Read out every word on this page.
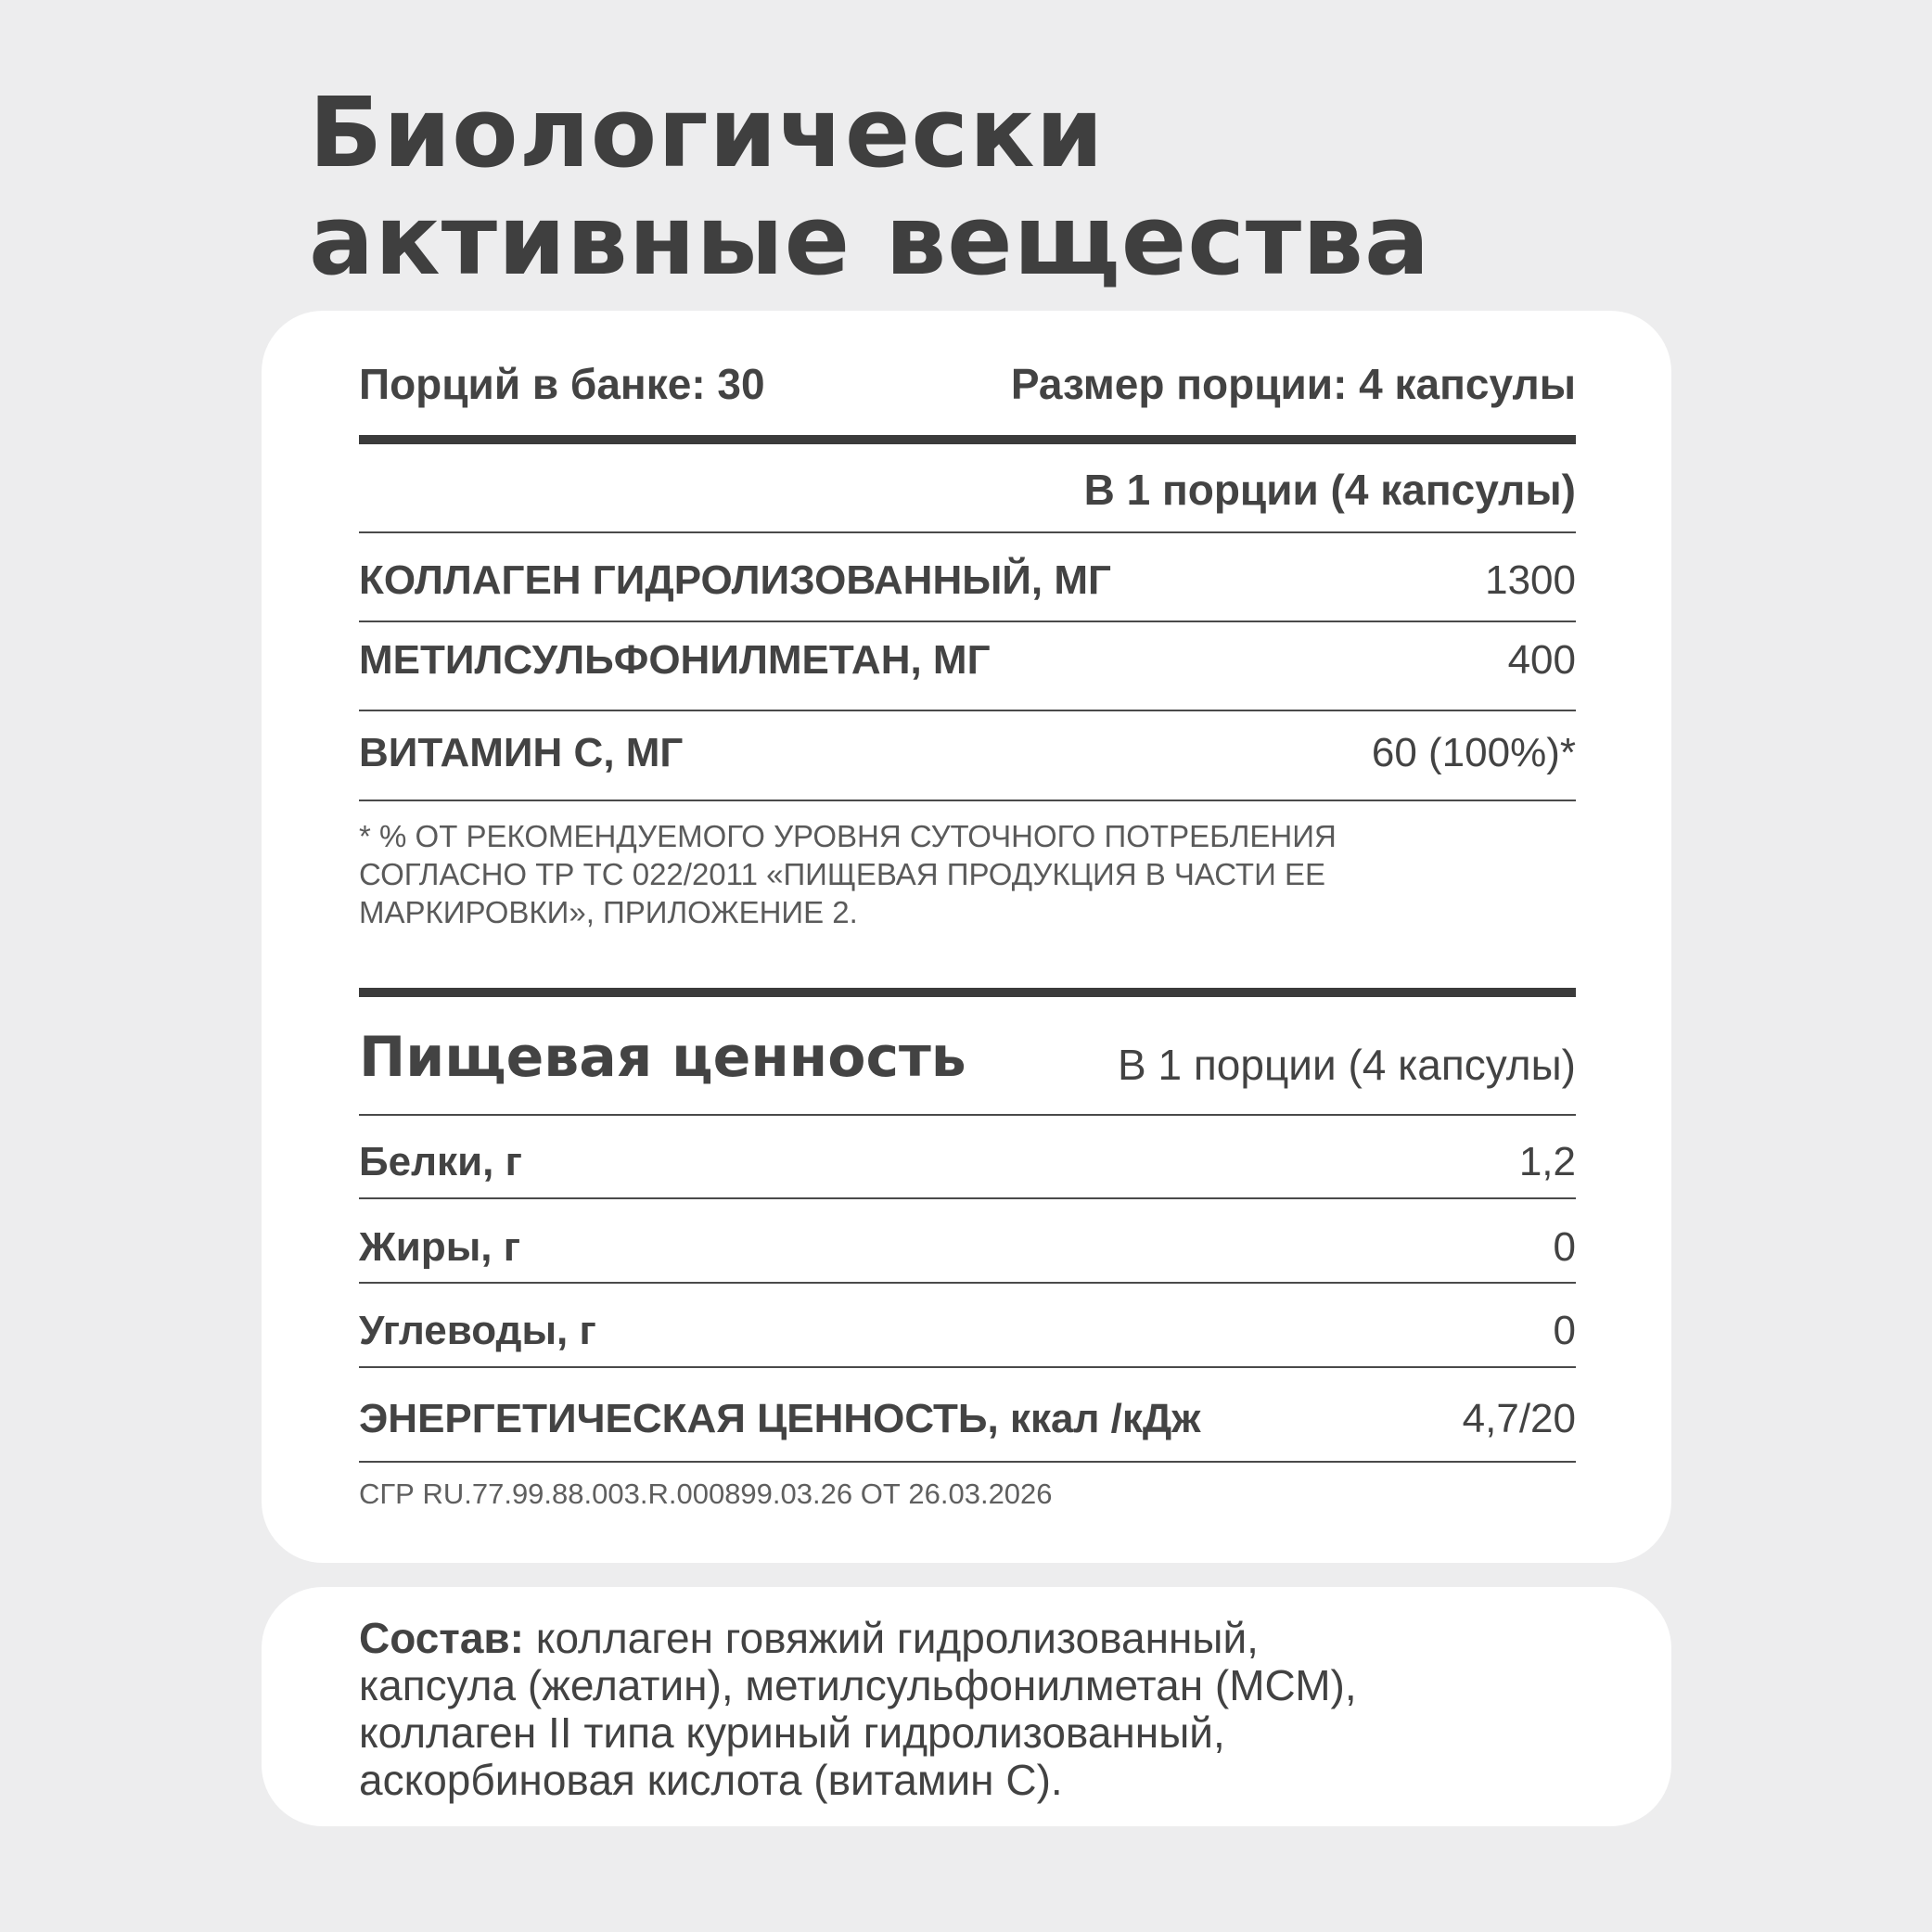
Биологически
активные вещества
Порций в банке: 30	Размер порции: 4 капсулы
В 1 порции (4 капсулы)
КОЛЛАГЕН ГИДРОЛИЗОВАННЫЙ, МГ	1300
МЕТИЛСУЛЬФОНИЛМЕТАН, МГ	400
ВИТАМИН С, МГ	60 (100%)*

* % ОТ РЕКОМЕНДУЕМОГО УРОВНЯ СУТОЧНОГО ПОТРЕБЛЕНИЯ
СОГЛАСНО ТР ТС 022/2011 «ПИЩЕВАЯ ПРОДУКЦИЯ В ЧАСТИ ЕЕ
МАРКИРОВКИ», ПРИЛОЖЕНИЕ 2.

Пищевая ценность	В 1 порции (4 капсулы)
Белки, г	1,2
Жиры, г	0
Углеводы, г	0
ЭНЕРГЕТИЧЕСКАЯ ЦЕННОСТЬ, ккал /кДж	4,7/20
СГР RU.77.99.88.003.R.000899.03.26 ОТ 26.03.2026

Состав: коллаген говяжий гидролизованный,
капсула (желатин), метилсульфонилметан (МСМ),
коллаген II типа куриный гидролизованный,
аскорбиновая кислота (витамин С).
